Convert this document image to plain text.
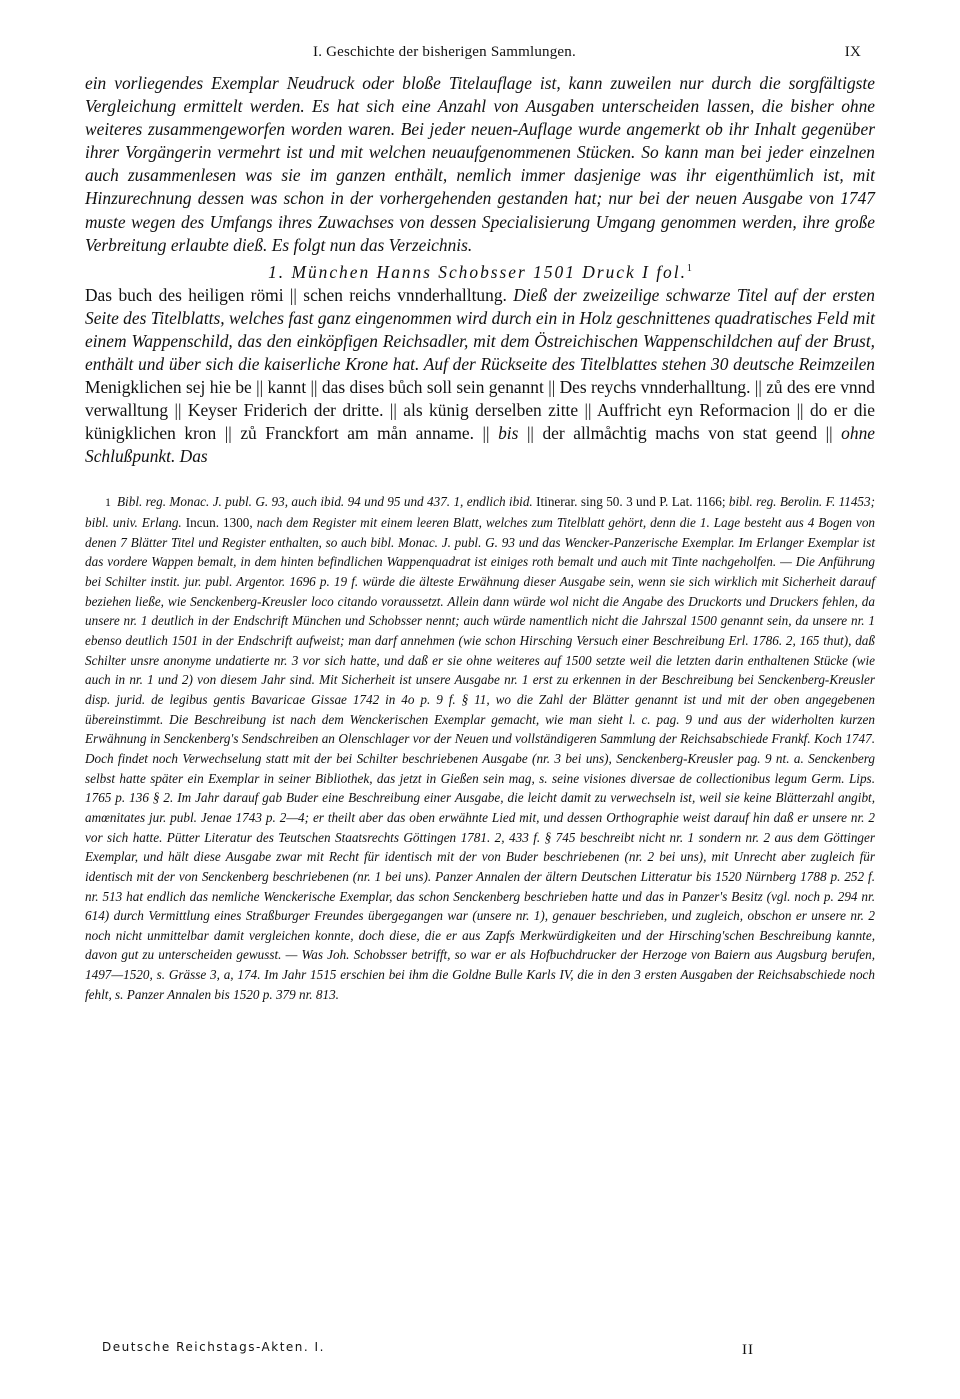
I. Geschichte der bisherigen Sammlungen.	IX

ein vorliegendes Exemplar Neudruck oder bloße Titelauflage ist, kann zuweilen nur durch die sorgfältigste Vergleichung ermittelt werden. Es hat sich eine Anzahl von Ausgaben unterscheiden lassen, die bisher ohne weiteres zusammengeworfen worden waren. Bei jeder neuen-Auflage wurde angemerkt ob ihr Inhalt gegenüber ihrer Vorgängerin vermehrt ist und mit welchen neuaufgenommenen Stücken. So kann man bei jeder einzelnen auch zusammenlesen was sie im ganzen enthält, nemlich immer dasjenige was ihr eigenthümlich ist, mit Hinzurechnung dessen was schon in der vorhergehenden gestanden hat; nur bei der neuen Ausgabe von 1747 muste wegen des Umfangs ihres Zuwachses von dessen Specialisierung Umgang genommen werden, ihre große Verbreitung erlaubte dieß. Es folgt nun das Verzeichnis.

1. München Hanns Schobsser 1501 Druck I fol.$^1$

Das buch des heiligen römi || schen reichs vnnderhalltung. Dieß der zweizeilige schwarze Titel auf der ersten Seite des Titelblatts, welches fast ganz eingenommen wird durch ein in Holz geschnittenes quadratisches Feld mit einem Wappenschild, das den einköpfigen Reichsadler, mit dem Östreichischen Wappenschildchen auf der Brust, enthält und über sich die kaiserliche Krone hat. Auf der Rückseite des Titelblattes stehen 30 deutsche Reimzeilen Menigklichen sej hie be || kannt || das dises bůch soll sein genannt || Des reychs vnnderhalltung. || zů des ere vnnd verwalltung || Keyser Friderich der dritte. || als künig derselben zitte || Auffricht eyn Reformacion || do er die künigklichen kron || zů Franckfort am mån anname. || bis || der allmåchtig machs von stat geend || ohne Schlußpunkt. Das

1 Bibl. reg. Monac. J. publ. G. 93, auch ibid. 94 und 95 und 437. 1, endlich ibid. Itinerar. sing 50. 3 und P. Lat. 1166; bibl. reg. Berolin. F. 11453; bibl. univ. Erlang. Incun. 1300, nach dem Register mit einem leeren Blatt, welches zum Titelblatt gehört, denn die 1. Lage besteht aus 4 Bogen von denen 7 Blätter Titel und Register enthalten, so auch bibl. Monac. J. publ. G. 93 und das Wencker-Panzerische Exemplar. Im Erlanger Exemplar ist das vordere Wappen bemalt, in dem hinten befindlichen Wappenquadrat ist einiges roth bemalt und auch mit Tinte nachgeholfen. — Die Anführung bei Schilter instit. jur. publ. Argentor. 1696 p. 19 f. würde die älteste Erwähnung dieser Ausgabe sein, wenn sie sich wirklich mit Sicherheit darauf beziehen ließe, wie Senckenberg-Kreusler loco citando voraussetzt. Allein dann würde wol nicht die Angabe des Druckorts und Druckers fehlen, da unsere nr. 1 deutlich in der Endschrift München und Schobsser nennt; auch würde namentlich nicht die Jahrszal 1500 genannt sein, da unsere nr. 1 ebenso deutlich 1501 in der Endschrift aufweist; man darf annehmen (wie schon Hirsching Versuch einer Beschreibung Erl. 1786. 2, 165 thut), daß Schilter unsre anonyme undatierte nr. 3 vor sich hatte, und daß er sie ohne weiteres auf 1500 setzte weil die letzten darin enthaltenen Stücke (wie auch in nr. 1 und 2) von diesem Jahr sind. Mit Sicherheit ist unsere Ausgabe nr. 1 erst zu erkennen in der Beschreibung bei Senckenberg-Kreusler disp. jurid. de legibus gentis Bavaricae Gissae 1742 in 4o p. 9 f. § 11, wo die Zahl der Blätter genannt ist und mit der oben angegebenen übereinstimmt. Die Beschreibung ist nach dem Wenckerischen Exemplar gemacht, wie man sieht l. c. pag. 9 und aus der widerholten kurzen Erwähnung in Senckenberg's Sendschreiben an Olenschlager vor der Neuen und vollständigeren Sammlung der Reichsabschiede Frankf. Koch 1747. Doch findet noch Verwechselung statt mit der bei Schilter beschriebenen Ausgabe (nr. 3 bei uns), Senckenberg-Kreusler pag. 9 nt. a. Senckenberg selbst hatte später ein Exemplar in seiner Bibliothek, das jetzt in Gießen sein mag, s. seine visiones diversae de collectionibus legum Germ. Lips. 1765 p. 136 § 2. Im Jahr darauf gab Buder eine Beschreibung einer Ausgabe, die leicht damit zu verwechseln ist, weil sie keine Blätterzahl angibt, amœnitates jur. publ. Jenae 1743 p. 2—4; er theilt aber das oben erwähnte Lied mit, und dessen Orthographie weist darauf hin daß er unsere nr. 2 vor sich hatte. Pütter Literatur des Teutschen Staatsrechts Göttingen 1781. 2, 433 f. § 745 beschreibt nicht nr. 1 sondern nr. 2 aus dem Göttinger Exemplar, und hält diese Ausgabe zwar mit Recht für identisch mit der von Buder beschriebenen (nr. 2 bei uns), mit Unrecht aber zugleich für identisch mit der von Senckenberg beschriebenen (nr. 1 bei uns). Panzer Annalen der ältern Deutschen Litteratur bis 1520 Nürnberg 1788 p. 252 f. nr. 513 hat endlich das nemliche Wenckerische Exemplar, das schon Senckenberg beschrieben hatte und das in Panzer's Besitz (vgl. noch p. 294 nr. 614) durch Vermittlung eines Straßburger Freundes übergegangen war (unsere nr. 1), genauer beschrieben, und zugleich, obschon er unsere nr. 2 noch nicht unmittelbar damit vergleichen konnte, doch diese, die er aus Zapfs Merkwürdigkeiten und der Hirsching'schen Beschreibung kannte, davon gut zu unterscheiden gewusst. — Was Joh. Schobsser betrifft, so war er als Hofbuchdrucker der Herzoge von Baiern aus Augsburg berufen, 1497—1520, s. Grässe 3, a, 174. Im Jahr 1515 erschien bei ihm die Goldne Bulle Karls IV, die in den 3 ersten Ausgaben der Reichsabschiede noch fehlt, s. Panzer Annalen bis 1520 p. 379 nr. 813.
Deutsche Reichstags-Akten. I.	II
